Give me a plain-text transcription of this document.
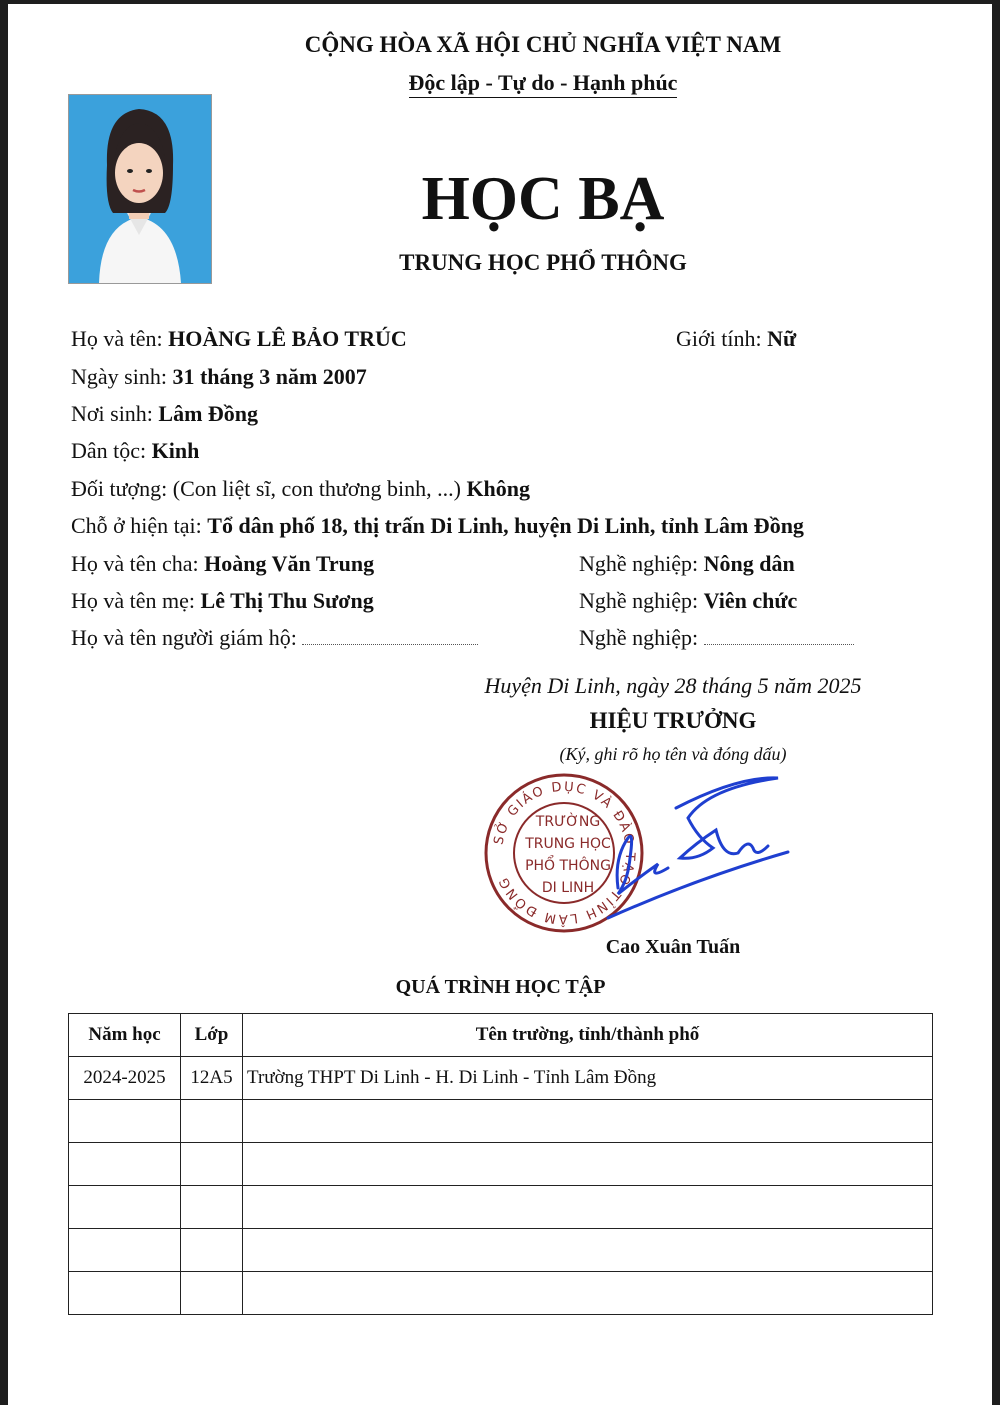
CỘNG HÒA XÃ HỘI CHỦ NGHĨA VIỆT NAM
Độc lập - Tự do - Hạnh phúc
HỌC BẠ
TRUNG HỌC PHỔ THÔNG
Họ và tên: HOÀNG LÊ BẢO TRÚC	Giới tính: Nữ
Ngày sinh: 31 tháng 3 năm 2007
Nơi sinh: Lâm Đồng
Dân tộc: Kinh
Đối tượng: (Con liệt sĩ, con thương binh, ...) Không
Chỗ ở hiện tại: Tổ dân phố 18, thị trấn Di Linh, huyện Di Linh, tỉnh Lâm Đồng
Họ và tên cha: Hoàng Văn Trung	Nghề nghiệp: Nông dân
Họ và tên mẹ: Lê Thị Thu Sương	Nghề nghiệp: Viên chức
Họ và tên người giám hộ:	Nghề nghiệp:
Huyện Di Linh, ngày 28 tháng 5 năm 2025
HIỆU TRƯỞNG
(Ký, ghi rõ họ tên và đóng dấu)
SỞ GIÁO DỤC VÀ ĐÀO TẠO TỈNH LÂM ĐỒNG
TRƯỜNG
TRUNG HỌC
PHỔ THÔNG
DI LINH
Cao Xuân Tuấn
QUÁ TRÌNH HỌC TẬP
Năm học	Lớp	Tên trường, tỉnh/thành phố
2024-2025	12A5	Trường THPT Di Linh - H. Di Linh - Tỉnh Lâm Đồng
